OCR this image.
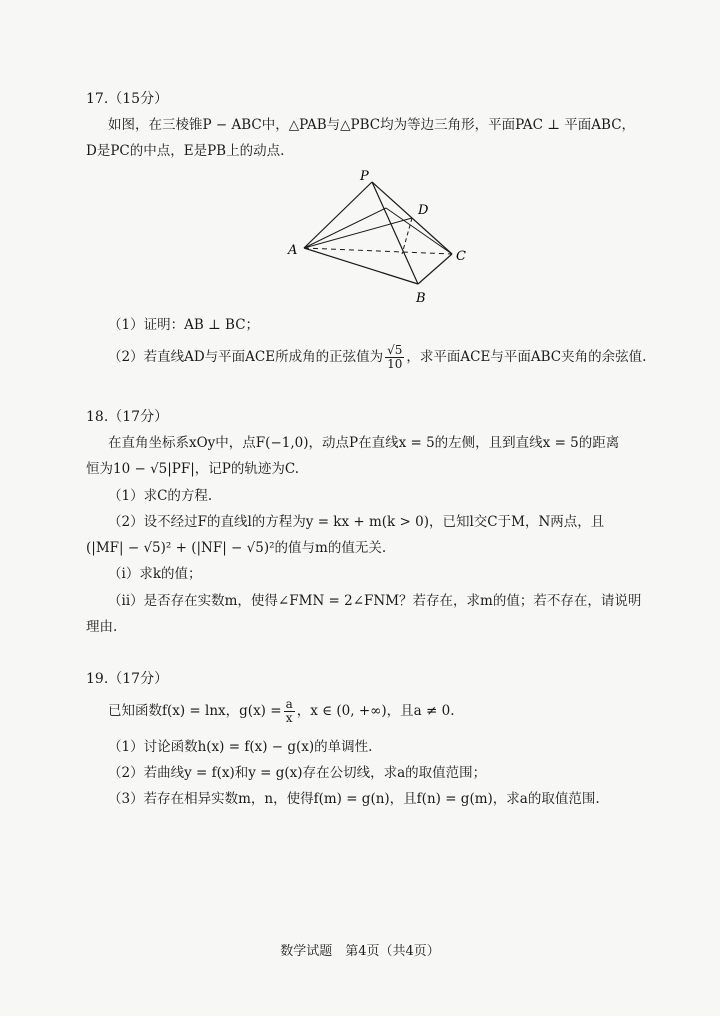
17.（15分）
如图，在三棱锥P − ABC中，△PAB与△PBC均为等边三角形，平面PAC ⊥ 平面ABC，
D是PC的中点，E是PB上的动点.
P
D
A	C
B
（1）证明：AB ⊥ BC；
（2）若直线AD与平面ACE所成角的正弦值为 $\frac{√5}{10}$ ，求平面ACE与平面ABC夹角的余弦值.
18.（17分）
在直角坐标系xOy中，点F(−1,0)，动点P在直线x = 5的左侧，且到直线x = 5的距离
恒为10 − √5|PF|，记P的轨迹为C.
（1）求C的方程.
（2）设不经过F的直线l的方程为y = kx + m(k > 0)，已知l交C于M，N两点，且
(|MF| − √5)² + (|NF| − √5)²的值与m的值无关.
（i）求k的值；
（ii）是否存在实数m，使得∠FMN = 2∠FNM？若存在，求m的值；若不存在，请说明
理由.
19.（17分）
已知函数f(x) = lnx，$g(x) = \frac{a}{x}$ ，x ∈ (0, +∞)，且a ≠ 0.
（1）讨论函数h(x) = f(x) − g(x)的单调性.
（2）若曲线y = f(x)和y = g(x)存在公切线，求a的取值范围；
（3）若存在相异实数m，n，使得f(m) = g(n)，且f(n) = g(m)，求a的取值范围.
数学试题　第4页（共4页）
